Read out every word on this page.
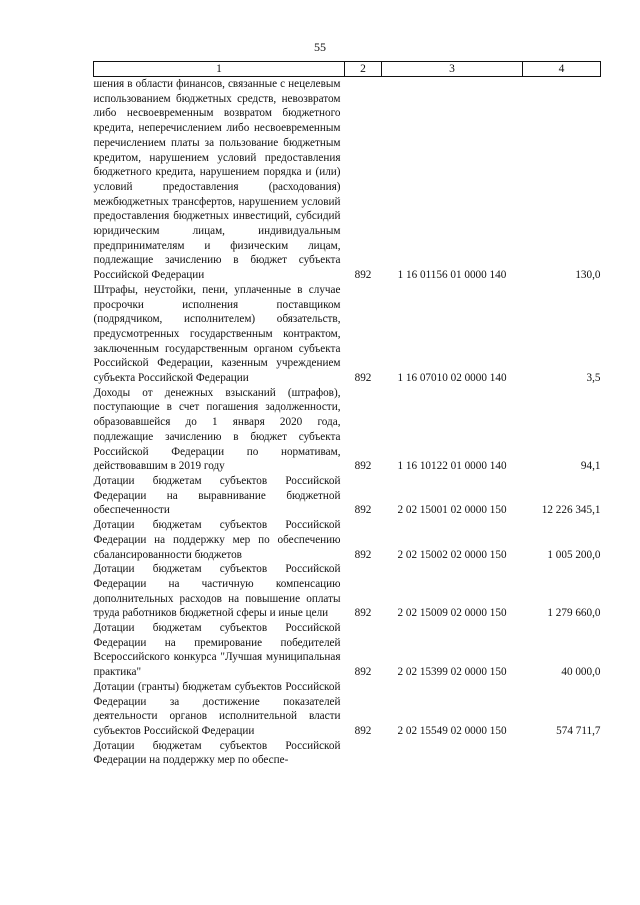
55
1	2	3	4
шения в области финансов, связанные с нецелевым использованием бюджетных средств, невозвратом либо несвоевременным возвратом бюджетного кредита, неперечислением либо несвоевременным перечислением платы за пользование бюджетным кредитом, нарушением условий предоставления бюджетного кредита, нарушением порядка и (или) условий предоставления (расходования) межбюджетных трансфертов, нарушением условий предоставления бюджетных инвестиций, субсидий юридическим лицам, индивидуальным предпринимателям и физическим лицам, подлежащие зачислению в бюджет субъекта Российской Федерации	892	1 16 01156 01 0000 140	130,0
Штрафы, неустойки, пени, уплаченные в случае просрочки исполнения поставщиком (подрядчиком, исполнителем) обязательств, предусмотренных государственным контрактом, заключенным государственным органом субъекта Российской Федерации, казенным учреждением субъекта Российской Федерации	892	1 16 07010 02 0000 140	3,5
Доходы от денежных взысканий (штрафов), поступающие в счет погашения задолженности, образовавшейся до 1 января 2020 года, подлежащие зачислению в бюджет субъекта Российской Федерации по нормативам, действовавшим в 2019 году	892	1 16 10122 01 0000 140	94,1
Дотации бюджетам субъектов Российской Федерации на выравнивание бюджетной обеспеченности	892	2 02 15001 02 0000 150	12 226 345,1
Дотации бюджетам субъектов Российской Федерации на поддержку мер по обеспечению сбалансированности бюджетов	892	2 02 15002 02 0000 150	1 005 200,0
Дотации бюджетам субъектов Российской Федерации на частичную компенсацию дополнительных расходов на повышение оплаты труда работников бюджетной сферы и иные цели	892	2 02 15009 02 0000 150	1 279 660,0
Дотации бюджетам субъектов Российской Федерации на премирование победителей Всероссийского конкурса "Лучшая муниципальная практика"	892	2 02 15399 02 0000 150	40 000,0
Дотации (гранты) бюджетам субъектов Российской Федерации за достижение показателей деятельности органов исполнительной власти субъектов Российской Федерации	892	2 02 15549 02 0000 150	574 711,7
Дотации бюджетам субъектов Российской Федерации на поддержку мер по обеспе-			
